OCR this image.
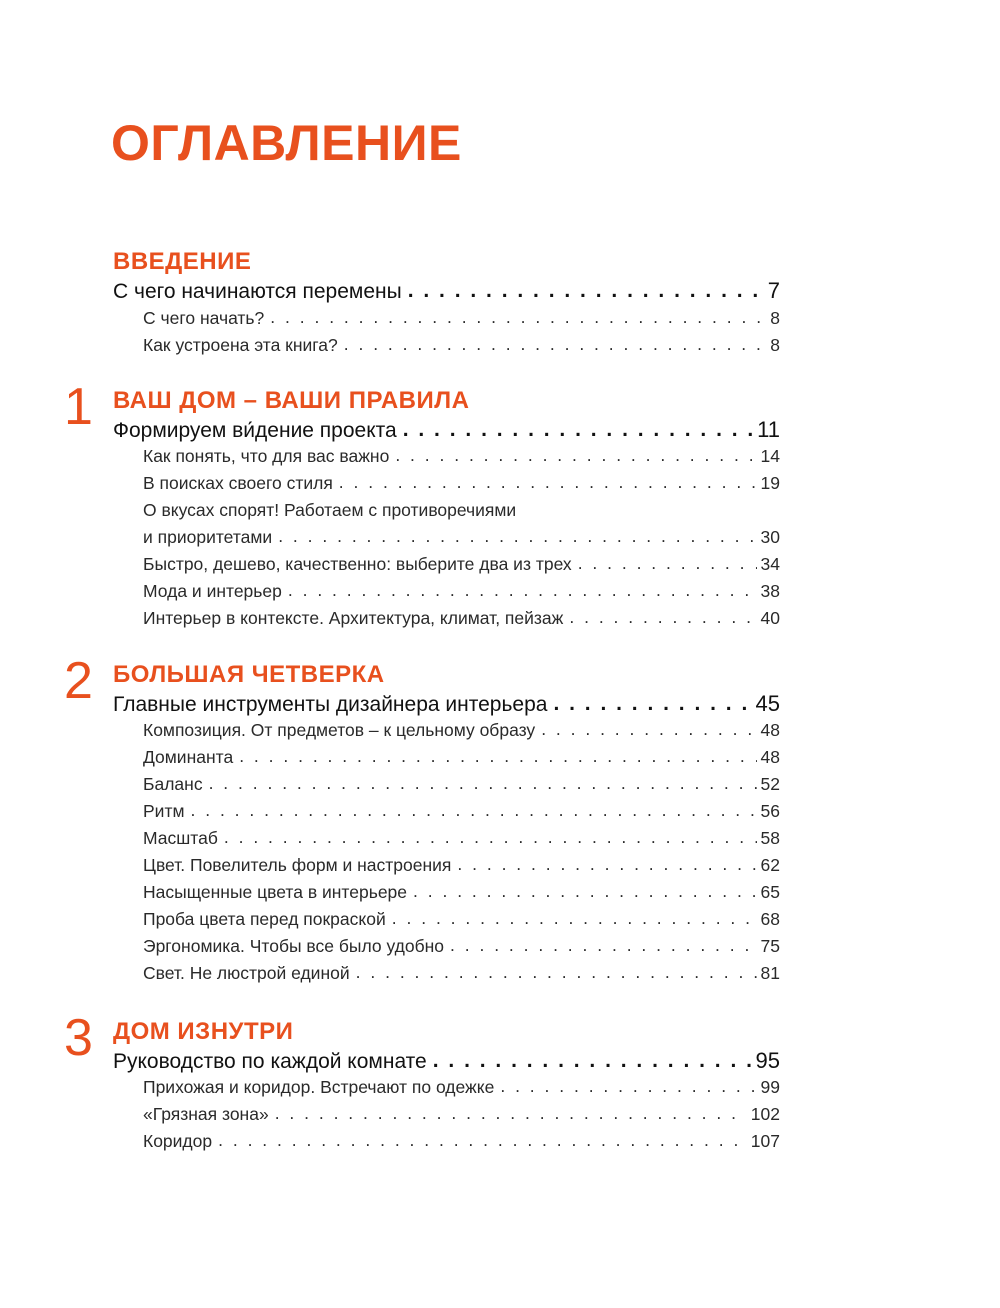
ОГЛАВЛЕНИЕ
ВВЕДЕНИЕ
С чего начинаются перемены . . .	7
С чего начать? . . .	8
Как устроена эта книга? . . .	8
1 ВАШ ДОМ – ВАШИ ПРАВИЛА
Формируем ви́дение проекта . . .	11
Как понять, что для вас важно . . .	14
В поисках своего стиля . . .	19
О вкусах спорят! Работаем с противоречиями
и приоритетами . . .	30
Быстро, дешево, качественно: выберите два из трех . . .	34
Мода и интерьер . . .	38
Интерьер в контексте. Архитектура, климат, пейзаж . . .	40
2 БОЛЬШАЯ ЧЕТВЕРКА
Главные инструменты дизайнера интерьера . . .	45
Композиция. От предметов – к цельному образу . . .	48
Доминанта . . .	48
Баланс . . .	52
Ритм . . .	56
Масштаб . . .	58
Цвет. Повелитель форм и настроения . . .	62
Насыщенные цвета в интерьере . . .	65
Проба цвета перед покраской . . .	68
Эргономика. Чтобы все было удобно . . .	75
Свет. Не люстрой единой . . .	81
3 ДОМ ИЗНУТРИ
Руководство по каждой комнате . . .	95
Прихожая и коридор. Встречают по одежке . . .	99
«Грязная зона» . . .	102
Коридор . . .	107
